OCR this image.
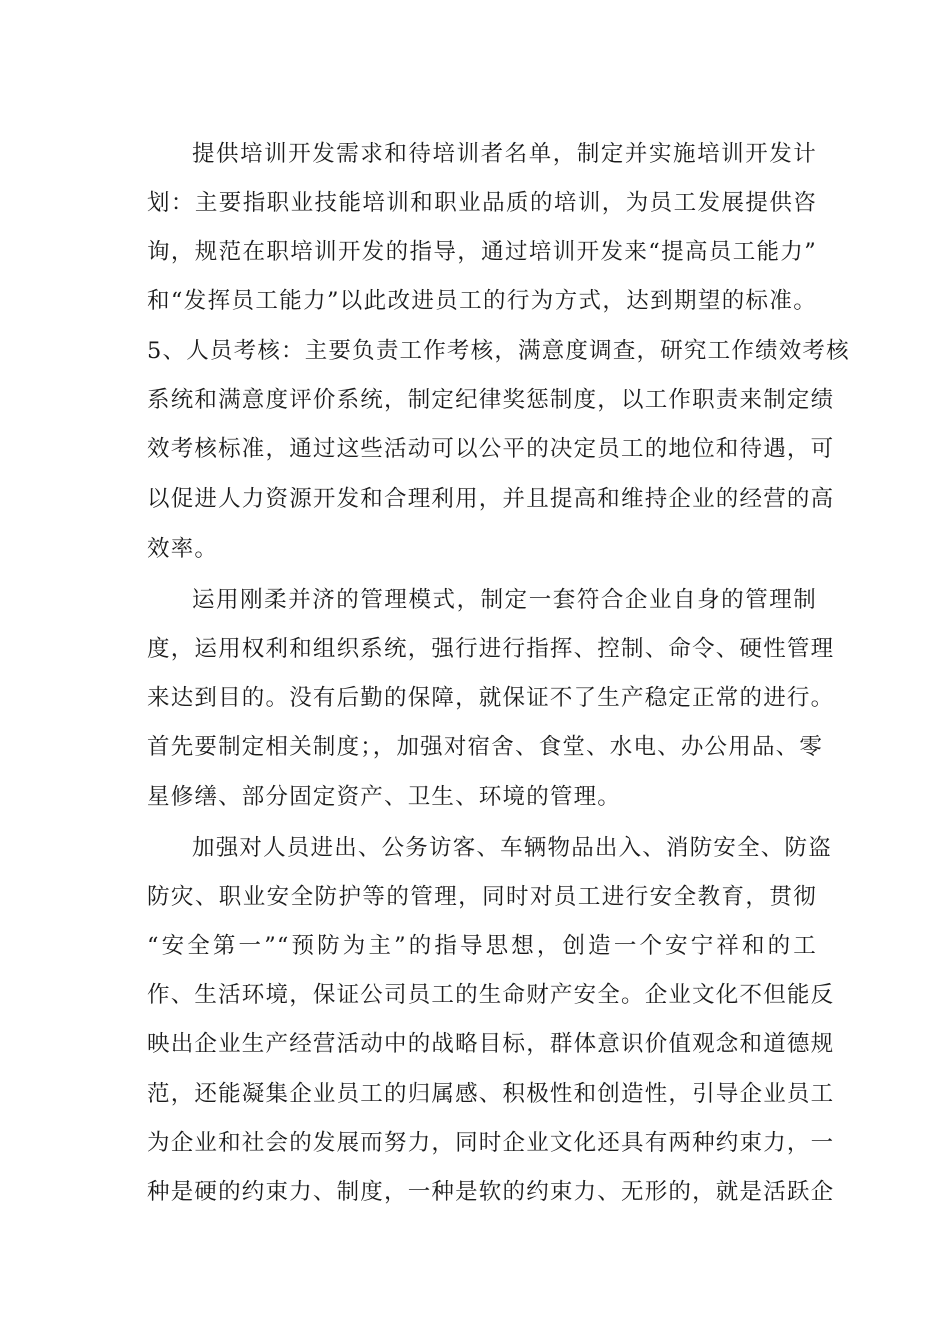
提供培训开发需求和待培训者名单，制定并实施培训开发计
划：主要指职业技能培训和职业品质的培训，为员工发展提供咨
询，规范在职培训开发的指导，通过培训开发来“提高员工能力”
和“发挥员工能力”以此改进员工的行为方式，达到期望的标准。
5、人员考核：主要负责工作考核，满意度调查，研究工作绩效考核
系统和满意度评价系统，制定纪律奖惩制度，以工作职责来制定绩
效考核标准，通过这些活动可以公平的决定员工的地位和待遇，可
以促进人力资源开发和合理利用，并且提高和维持企业的经营的高
效率。
运用刚柔并济的管理模式，制定一套符合企业自身的管理制
度，运用权利和组织系统，强行进行指挥、控制、命令、硬性管理
来达到目的。没有后勤的保障，就保证不了生产稳定正常的进行。
首先要制定相关制度；，加强对宿舍、食堂、水电、办公用品、零
星修缮、部分固定资产、卫生、环境的管理。
加强对人员进出、公务访客、车辆物品出入、消防安全、防盗
防灾、职业安全防护等的管理，同时对员工进行安全教育，贯彻
“安全第一”“预防为主”的指导思想，创造一个安宁祥和的工
作、生活环境，保证公司员工的生命财产安全。企业文化不但能反
映出企业生产经营活动中的战略目标，群体意识价值观念和道德规
范，还能凝集企业员工的归属感、积极性和创造性，引导企业员工
为企业和社会的发展而努力，同时企业文化还具有两种约束力，一
种是硬的约束力、制度，一种是软的约束力、无形的，就是活跃企
